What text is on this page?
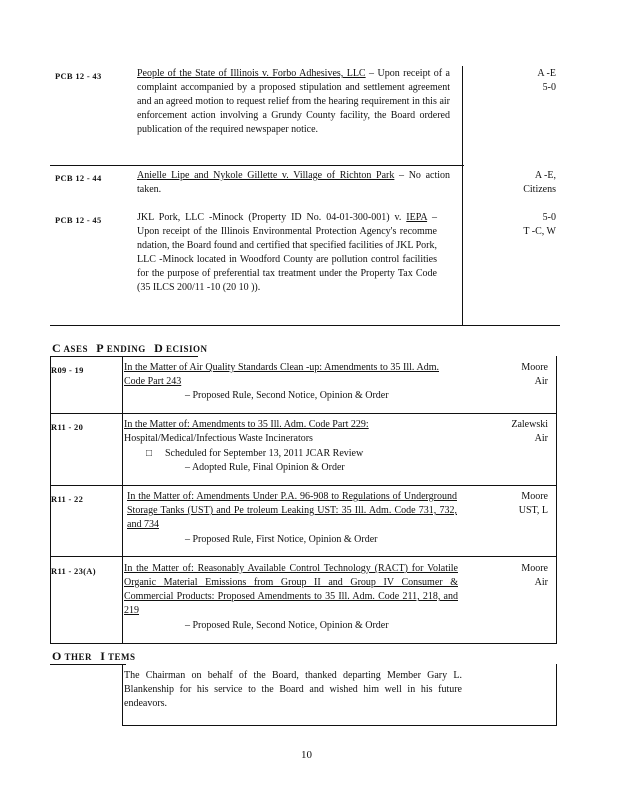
PCB 12 - 43	People of the State of Illinois v. Forbo Adhesives, LLC – Upon receipt of a complaint accompanied by a proposed stipulation and settlement agreement and an agreed motion to request relief from the hearing requirement in this air enforcement action involving a Grundy County facility, the Board ordered publication of the required newspaper notice.
A -E
5-0
PCB 12 - 44	Anielle Lipe and Nykole Gillette v. Village of Richton Park – No action taken.
A -E,
Citizens
PCB 12 - 45	JKL Pork, LLC -Minock (Property ID No. 04-01-300-001) v. IEPA – Upon receipt of the Illinois Environmental Protection Agency's recomme ndation, the Board found and certified that specified facilities of JKL Pork, LLC -Minock located in Woodford County are pollution control facilities for the purpose of preferential tax treatment under the Property Tax Code (35 ILCS 200/11 -10 (20 10 )).
5-0
T -C, W
C ASES P ENDING D ECISION
R09 - 19	In the Matter of Air Quality Standards Clean -up: Amendments to 35 Ill. Adm. Code Part 243
– Proposed Rule, Second Notice, Opinion & Order
Moore
Air
R11 - 20	In the Matter of: Amendments to 35 Ill. Adm. Code Part 229:
Hospital/Medical/Infectious Waste Incinerators
□ Scheduled for September 13, 2011 JCAR Review
– Adopted Rule, Final Opinion & Order
Zalewski
Air
R11 - 22	In the Matter of: Amendments Under P.A. 96-908 to Regulations of Underground Storage Tanks (UST) and Pe troleum Leaking UST: 35 Ill. Adm. Code 731, 732, and 734
– Proposed Rule, First Notice, Opinion & Order
Moore
UST, L
R11 - 23(A)	In the Matter of: Reasonably Available Control Technology (RACT) for Volatile Organic Material Emissions from Group II and Group IV Consumer & Commercial Products: Proposed Amendments to 35 Ill. Adm. Code 211, 218, and 219
– Proposed Rule, Second Notice, Opinion & Order
Moore
Air
O THER I TEMS
The Chairman on behalf of the Board, thanked departing Member Gary L. Blankenship for his service to the Board and wished him well in his future endeavors.
10
